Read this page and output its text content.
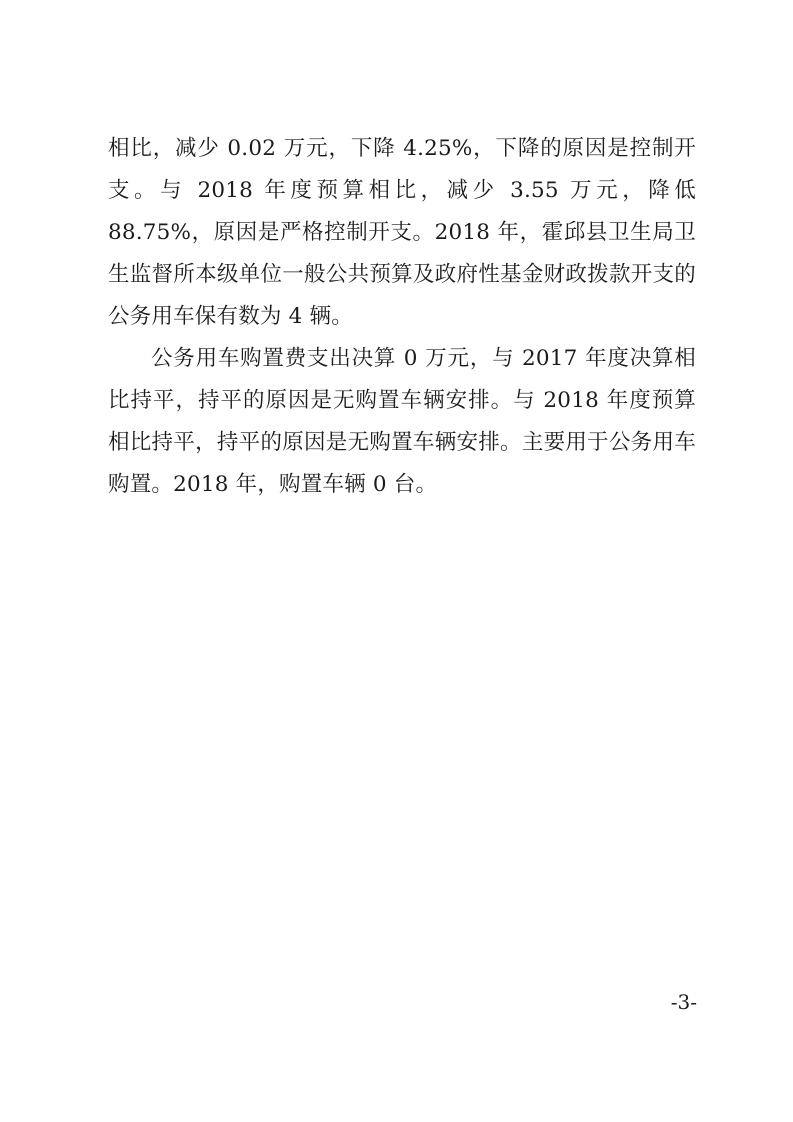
相比，减少 0.02 万元，下降 4.25%，下降的原因是控制开支。与 2018 年度预算相比，减少 3.55 万元，降低 88.75%，原因是严格控制开支。2018 年，霍邱县卫生局卫生监督所本级单位一般公共预算及政府性基金财政拨款开支的公务用车保有数为 4 辆。

公务用车购置费支出决算 0 万元，与 2017 年度决算相比持平，持平的原因是无购置车辆安排。与 2018 年度预算相比持平，持平的原因是无购置车辆安排。主要用于公务用车购置。2018 年，购置车辆 0 台。

-3-
